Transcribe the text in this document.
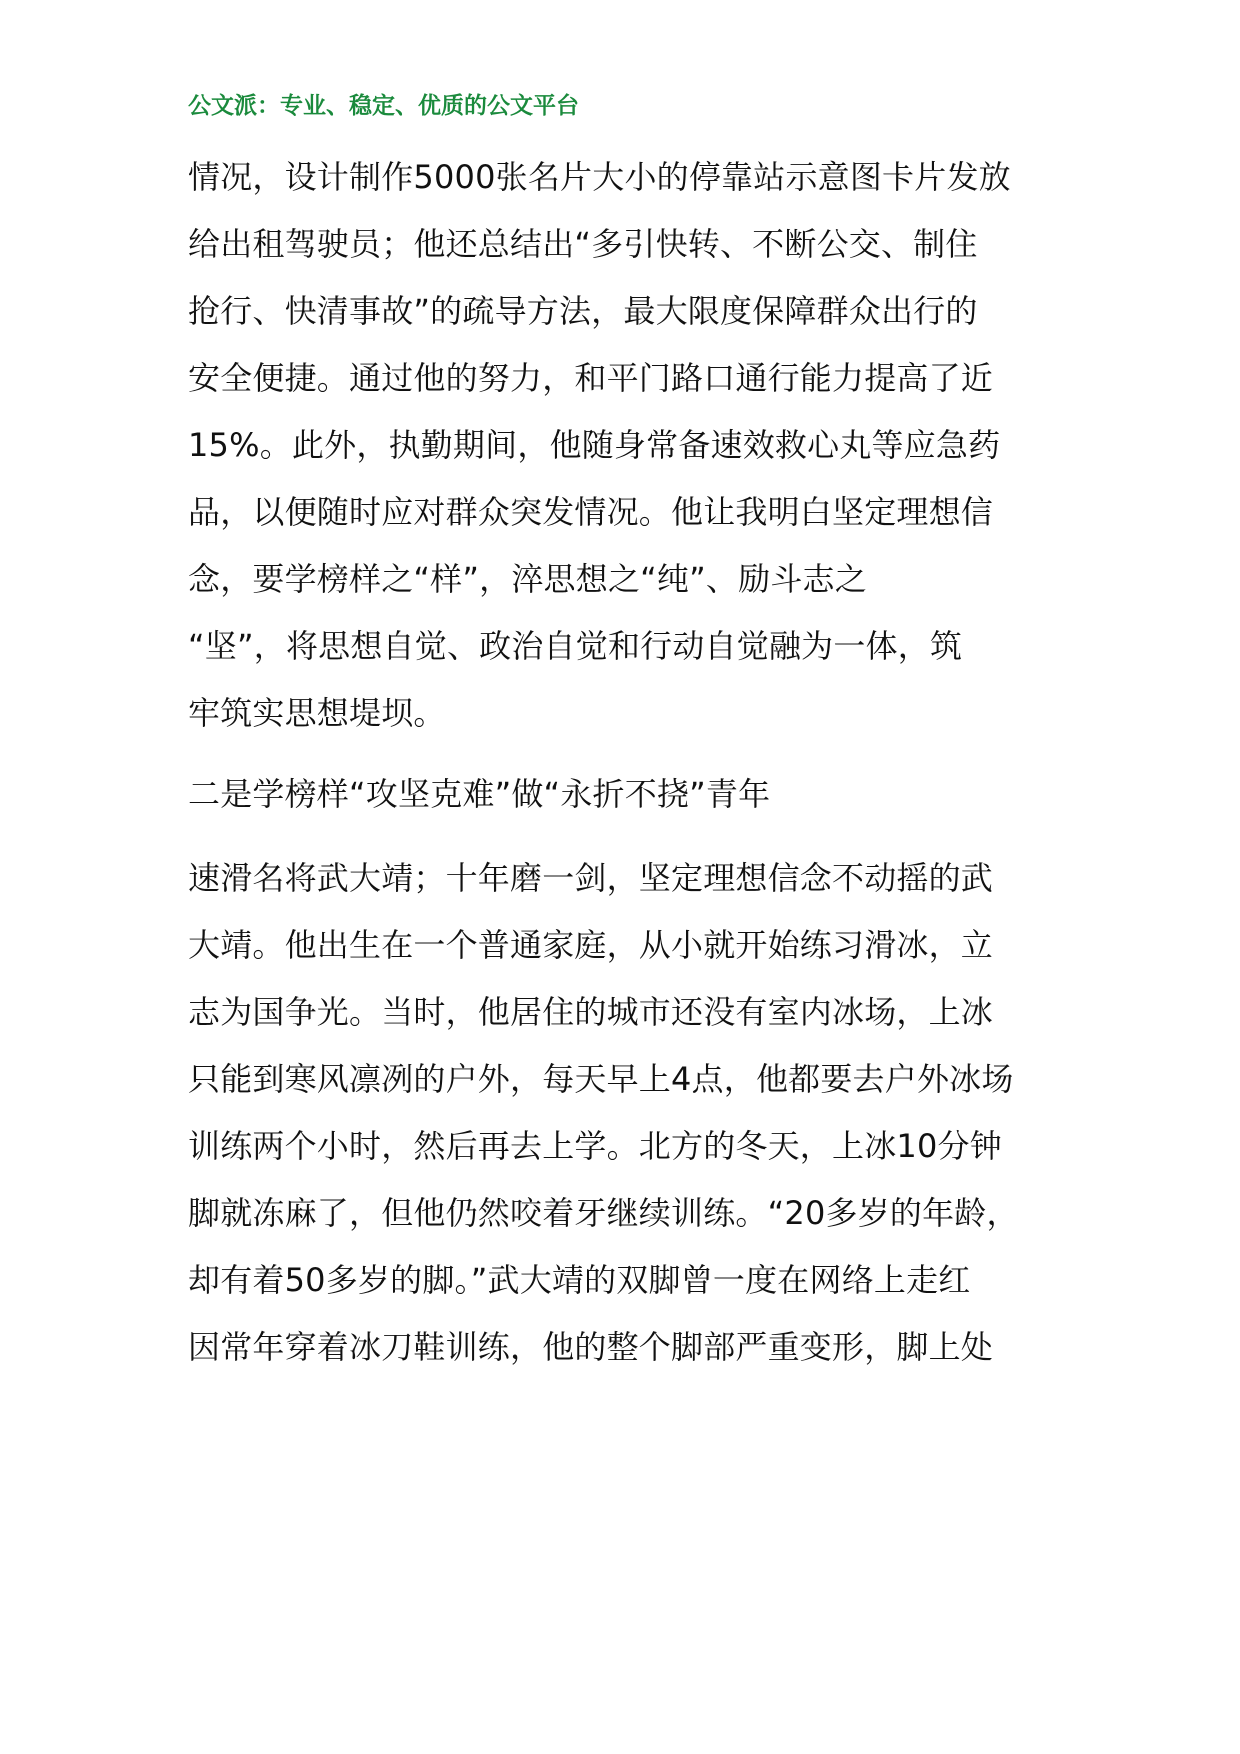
公文派：专业、稳定、优质的公文平台
情况，设计制作5000张名片大小的停靠站示意图卡片发放
给出租驾驶员；他还总结出“多引快转、不断公交、制住
抢行、快清事故”的疏导方法，最大限度保障群众出行的
安全便捷。通过他的努力，和平门路口通行能力提高了近
15%。此外，执勤期间，他随身常备速效救心丸等应急药
品，以便随时应对群众突发情况。他让我明白坚定理想信
念，要学榜样之“样”，淬思想之“纯”、励斗志之
“坚”，将思想自觉、政治自觉和行动自觉融为一体，筑
牢筑实思想堤坝。
二是学榜样“攻坚克难”做“永折不挠”青年
速滑名将武大靖；十年磨一剑，坚定理想信念不动摇的武
大靖。他出生在一个普通家庭，从小就开始练习滑冰，立
志为国争光。当时，他居住的城市还没有室内冰场，上冰
只能到寒风凛冽的户外，每天早上4点，他都要去户外冰场
训练两个小时，然后再去上学。北方的冬天，上冰10分钟
脚就冻麻了，但他仍然咬着牙继续训练。“20多岁的年龄，
却有着50多岁的脚。”武大靖的双脚曾一度在网络上走红
因常年穿着冰刀鞋训练，他的整个脚部严重变形，脚上处
